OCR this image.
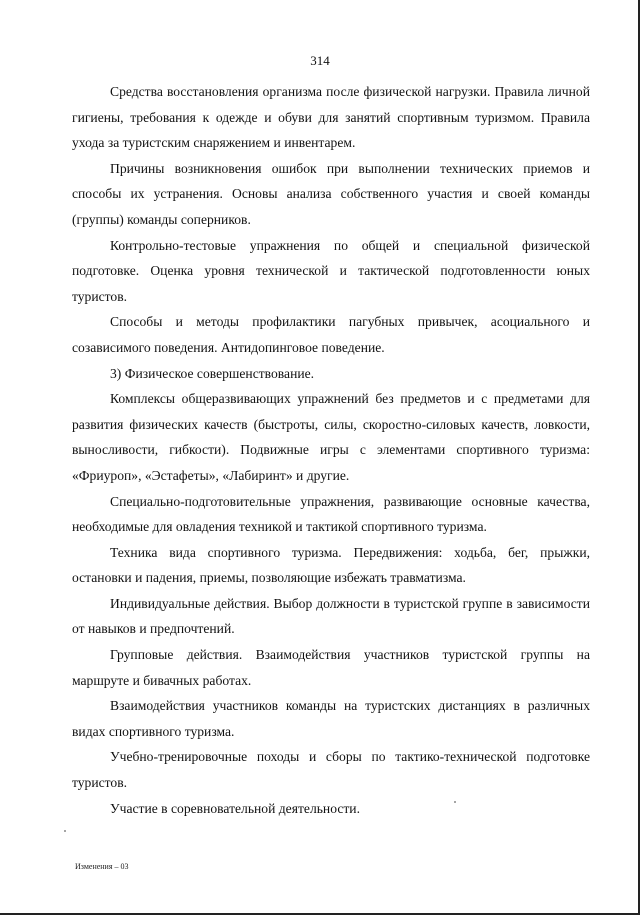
314

Средства восстановления организма после физической нагрузки. Правила личной гигиены, требования к одежде и обуви для занятий спортивным туризмом. Правила ухода за туристским снаряжением и инвентарем.

Причины возникновения ошибок при выполнении технических приемов и способы их устранения. Основы анализа собственного участия и своей команды (группы) команды соперников.

Контрольно-тестовые упражнения по общей и специальной физической подготовке. Оценка уровня технической и тактической подготовленности юных туристов.

Способы и методы профилактики пагубных привычек, асоциального и созависимого поведения. Антидопинговое поведение.

3) Физическое совершенствование.

Комплексы общеразвивающих упражнений без предметов и с предметами для развития физических качеств (быстроты, силы, скоростно-силовых качеств, ловкости, выносливости, гибкости). Подвижные игры с элементами спортивного туризма: «Фриуроп», «Эстафеты», «Лабиринт» и другие.

Специально-подготовительные упражнения, развивающие основные качества, необходимые для овладения техникой и тактикой спортивного туризма.

Техника вида спортивного туризма. Передвижения: ходьба, бег, прыжки, остановки и падения, приемы, позволяющие избежать травматизма.

Индивидуальные действия. Выбор должности в туристской группе в зависимости от навыков и предпочтений.

Групповые действия. Взаимодействия участников туристской группы на маршруте и бивачных работах.

Взаимодействия участников команды на туристских дистанциях в различных видах спортивного туризма.

Учебно-тренировочные походы и сборы по тактико-технической подготовке туристов.

Участие в соревновательной деятельности.

Изменения – 03
